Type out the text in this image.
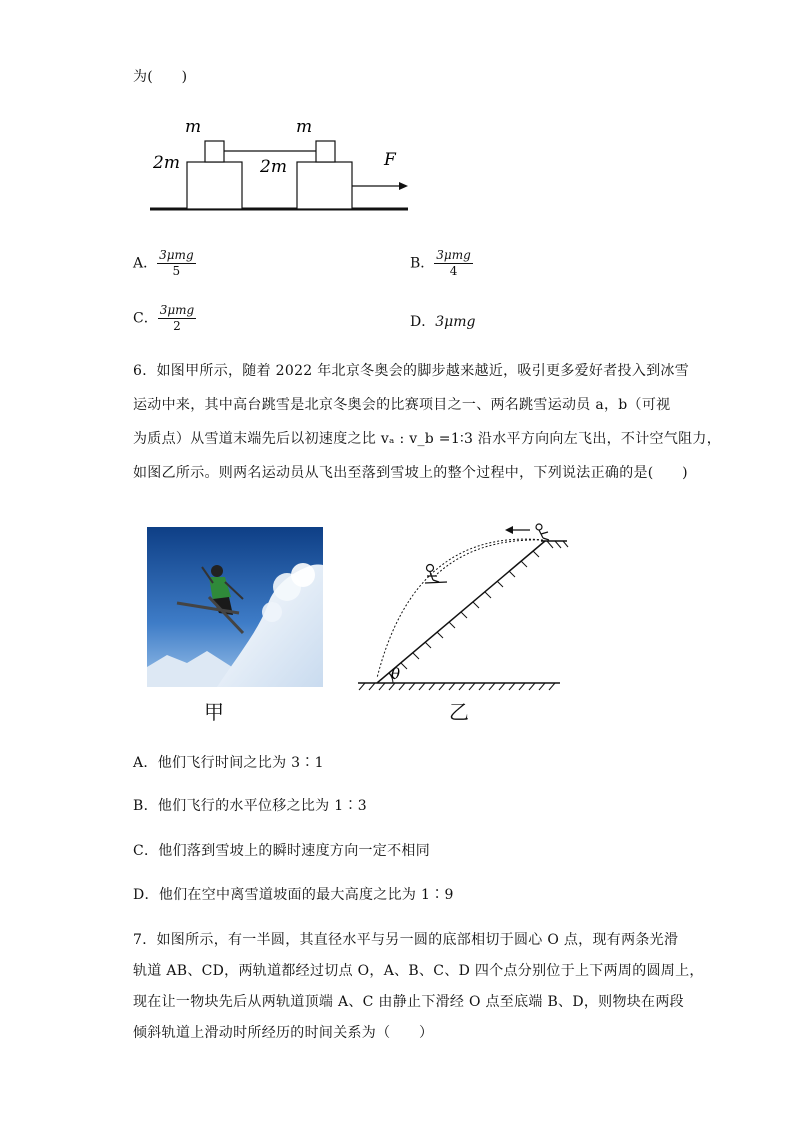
为(　　)
m	m
2m	2m	F
A． $\frac{\text{3μmg}}{5}$	B． $\frac{\text{3μmg}}{4}$
C． $\frac{\text{3μmg}}{2}$	D．3μmg
6．如图甲所示，随着 2022 年北京冬奥会的脚步越来越近，吸引更多爱好者投入到冰雪
运动中来，其中高台跳雪是北京冬奥会的比赛项目之一、两名跳雪运动员 a，b（可视
为质点）从雪道末端先后以初速度之比 vₐ : v_b =1∶3 沿水平方向向左飞出，不计空气阻力，
如图乙所示。则两名运动员从飞出至落到雪坡上的整个过程中，下列说法正确的是(　　)
甲
θ
乙
A．他们飞行时间之比为 3∶1
B．他们飞行的水平位移之比为 1∶3
C．他们落到雪坡上的瞬时速度方向一定不相同
D．他们在空中离雪道坡面的最大高度之比为 1∶9
7．如图所示，有一半圆，其直径水平与另一圆的底部相切于圆心 O 点，现有两条光滑
轨道 AB、CD，两轨道都经过切点 O，A、B、C、D 四个点分别位于上下两周的圆周上，
现在让一物块先后从两轨道顶端 A、C 由静止下滑经 O 点至底端 B、D，则物块在两段
倾斜轨道上滑动时所经历的时间关系为（　　）
